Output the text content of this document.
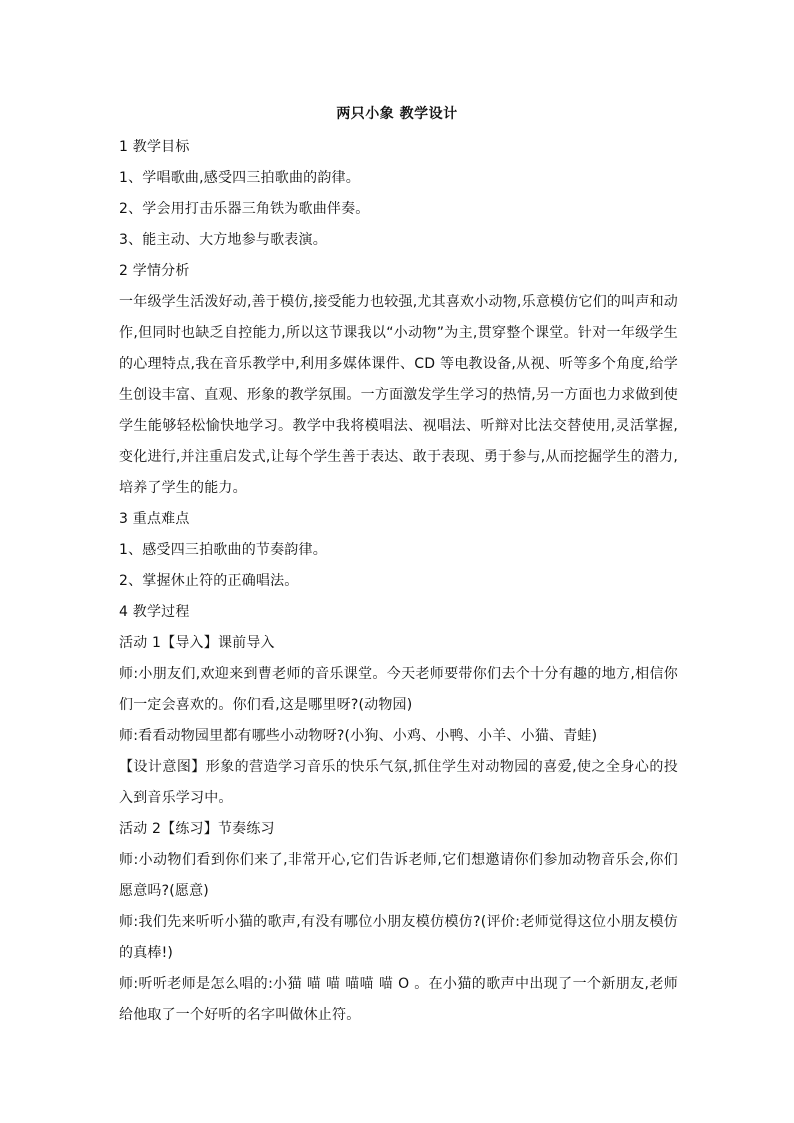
两只小象 教学设计

1 教学目标

1、学唱歌曲,感受四三拍歌曲的韵律。

2、学会用打击乐器三角铁为歌曲伴奏。

3、能主动、大方地参与歌表演。

2 学情分析

一年级学生活泼好动,善于模仿,接受能力也较强,尤其喜欢小动物,乐意模仿它们的叫声和动作,但同时也缺乏自控能力,所以这节课我以“小动物”为主,贯穿整个课堂。针对一年级学生的心理特点,我在音乐教学中,利用多媒体课件、CD 等电教设备,从视、听等多个角度,给学生创设丰富、直观、形象的教学氛围。一方面激发学生学习的热情,另一方面也力求做到使学生能够轻松愉快地学习。教学中我将模唱法、视唱法、听辩对比法交替使用,灵活掌握,变化进行,并注重启发式,让每个学生善于表达、敢于表现、勇于参与,从而挖掘学生的潜力,培养了学生的能力。

3 重点难点

1、感受四三拍歌曲的节奏韵律。

2、掌握休止符的正确唱法。

4 教学过程

活动 1【导入】课前导入

师:小朋友们,欢迎来到曹老师的音乐课堂。今天老师要带你们去个十分有趣的地方,相信你们一定会喜欢的。你们看,这是哪里呀?(动物园)

师:看看动物园里都有哪些小动物呀?(小狗、小鸡、小鸭、小羊、小猫、青蛙)

【设计意图】形象的营造学习音乐的快乐气氛,抓住学生对动物园的喜爱,使之全身心的投入到音乐学习中。

活动 2【练习】节奏练习

师:小动物们看到你们来了,非常开心,它们告诉老师,它们想邀请你们参加动物音乐会,你们愿意吗?(愿意)

师:我们先来听听小猫的歌声,有没有哪位小朋友模仿模仿?(评价:老师觉得这位小朋友模仿的真棒!)

师:听听老师是怎么唱的:小猫 喵 喵 喵喵 喵 O 。在小猫的歌声中出现了一个新朋友,老师给他取了一个好听的名字叫做休止符。
